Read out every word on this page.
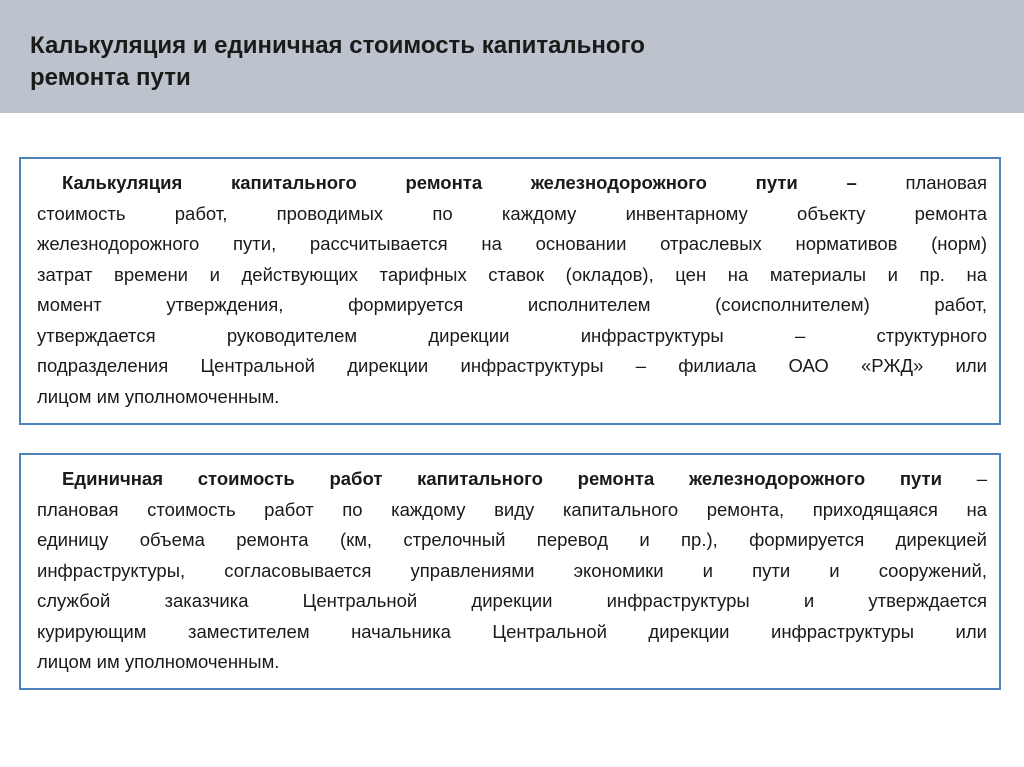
Калькуляция и единичная стоимость капитального
ремонта пути
Калькуляция капитального ремонта железнодорожного пути – плановая
стоимость работ, проводимых по каждому инвентарному объекту ремонта
железнодорожного пути, рассчитывается на основании отраслевых нормативов (норм)
затрат времени и действующих тарифных ставок (окладов), цен на материалы и пр. на
момент утверждения, формируется исполнителем (соисполнителем) работ,
утверждается руководителем дирекции инфраструктуры – структурного
подразделения Центральной дирекции инфраструктуры – филиала ОАО «РЖД» или
лицом им уполномоченным.
Единичная стоимость работ капитального ремонта железнодорожного пути –
плановая стоимость работ по каждому виду капитального ремонта, приходящаяся на
единицу объема ремонта (км, стрелочный перевод и пр.), формируется дирекцией
инфраструктуры, согласовывается управлениями экономики и пути и сооружений,
службой заказчика Центральной дирекции инфраструктуры и утверждается
курирующим заместителем начальника Центральной дирекции инфраструктуры или
лицом им уполномоченным.
